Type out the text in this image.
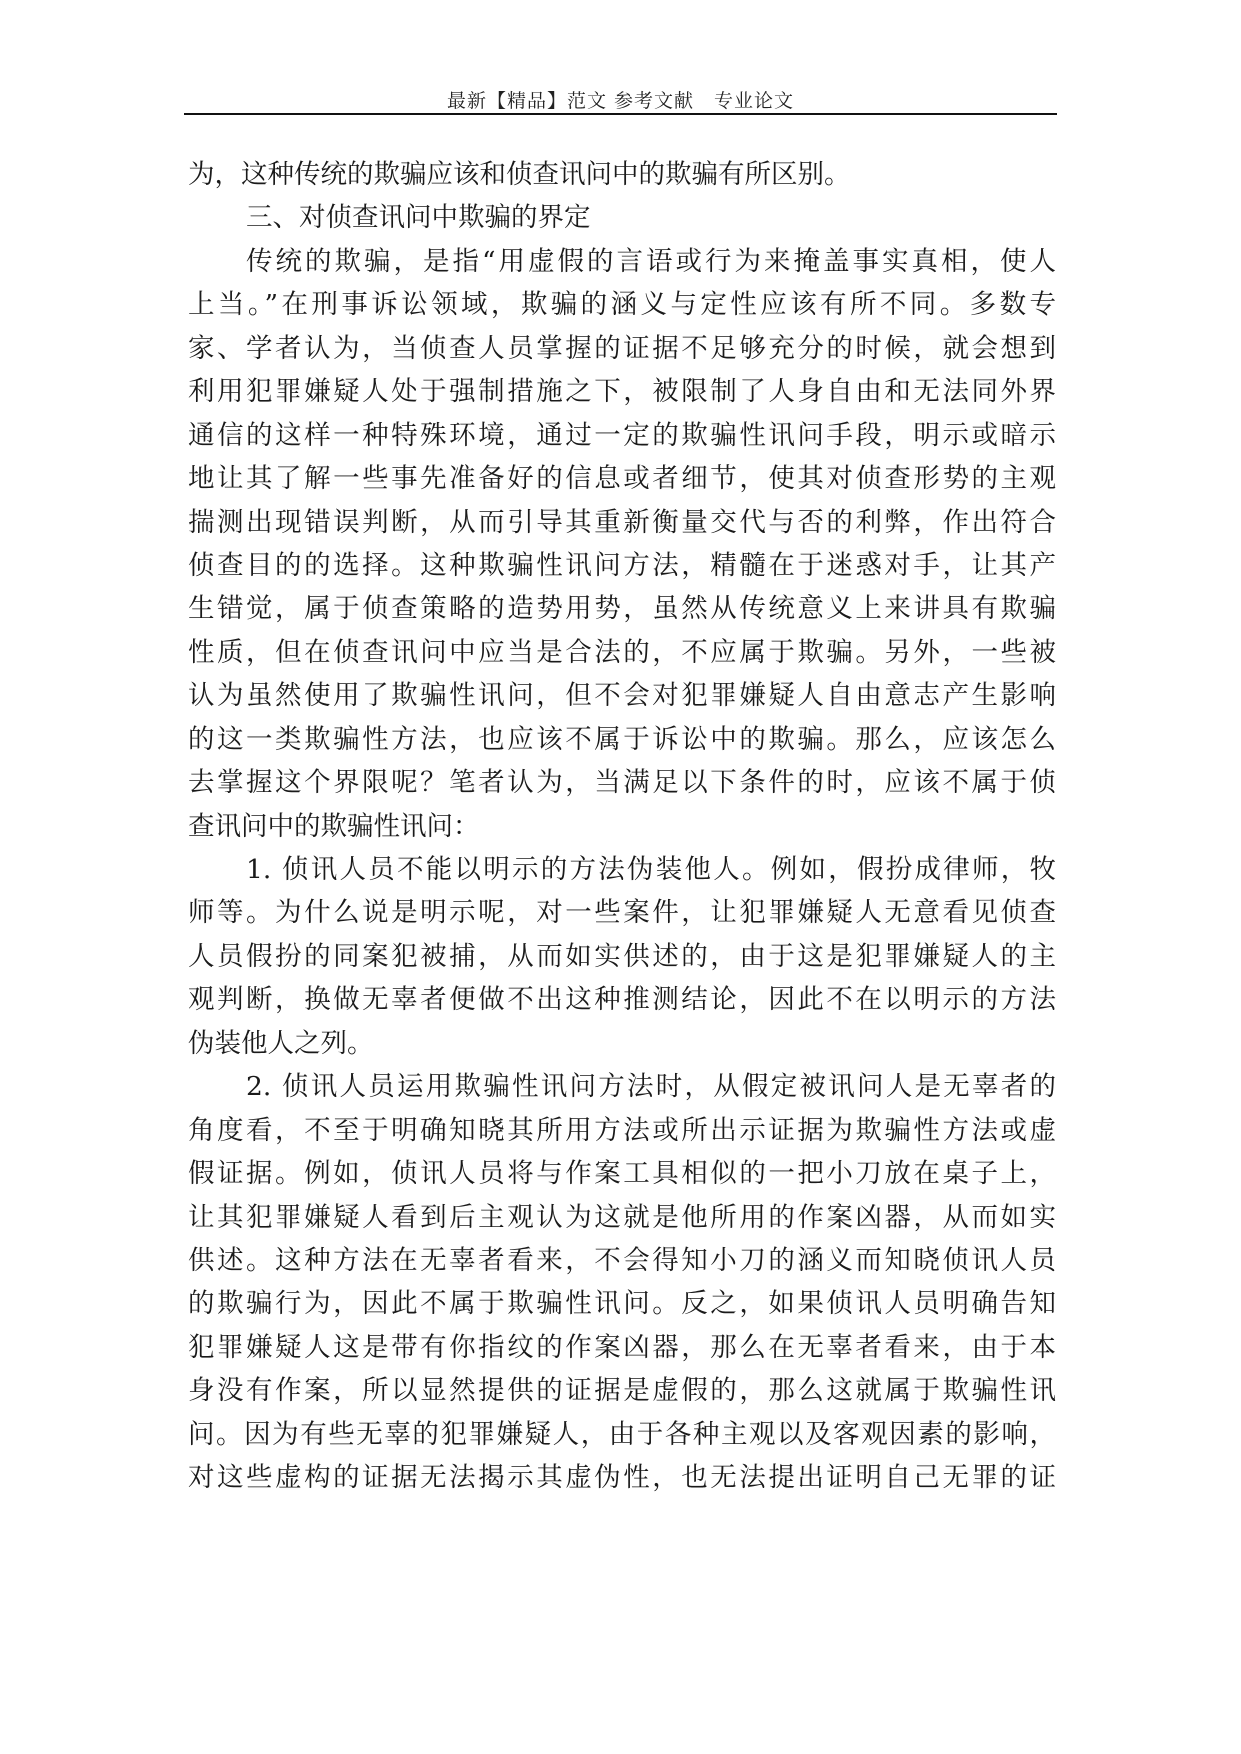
最新【精品】范文 参考文献　专业论文
为，这种传统的欺骗应该和侦查讯问中的欺骗有所区别。
三、对侦查讯问中欺骗的界定
传统的欺骗，是指“用虚假的言语或行为来掩盖事实真相，使人
上当。”在刑事诉讼领域，欺骗的涵义与定性应该有所不同。多数专
家、学者认为，当侦查人员掌握的证据不足够充分的时候，就会想到
利用犯罪嫌疑人处于强制措施之下，被限制了人身自由和无法同外界
通信的这样一种特殊环境，通过一定的欺骗性讯问手段，明示或暗示
地让其了解一些事先准备好的信息或者细节，使其对侦查形势的主观
揣测出现错误判断，从而引导其重新衡量交代与否的利弊，作出符合
侦查目的的选择。这种欺骗性讯问方法，精髓在于迷惑对手，让其产
生错觉，属于侦查策略的造势用势，虽然从传统意义上来讲具有欺骗
性质，但在侦查讯问中应当是合法的，不应属于欺骗。另外，一些被
认为虽然使用了欺骗性讯问，但不会对犯罪嫌疑人自由意志产生影响
的这一类欺骗性方法，也应该不属于诉讼中的欺骗。那么，应该怎么
去掌握这个界限呢？笔者认为，当满足以下条件的时，应该不属于侦
查讯问中的欺骗性讯问：
1. 侦讯人员不能以明示的方法伪装他人。例如，假扮成律师，牧
师等。为什么说是明示呢，对一些案件，让犯罪嫌疑人无意看见侦查
人员假扮的同案犯被捕，从而如实供述的，由于这是犯罪嫌疑人的主
观判断，换做无辜者便做不出这种推测结论，因此不在以明示的方法
伪装他人之列。
2. 侦讯人员运用欺骗性讯问方法时，从假定被讯问人是无辜者的
角度看，不至于明确知晓其所用方法或所出示证据为欺骗性方法或虚
假证据。例如，侦讯人员将与作案工具相似的一把小刀放在桌子上，
让其犯罪嫌疑人看到后主观认为这就是他所用的作案凶器，从而如实
供述。这种方法在无辜者看来，不会得知小刀的涵义而知晓侦讯人员
的欺骗行为，因此不属于欺骗性讯问。反之，如果侦讯人员明确告知
犯罪嫌疑人这是带有你指纹的作案凶器，那么在无辜者看来，由于本
身没有作案，所以显然提供的证据是虚假的，那么这就属于欺骗性讯
问。因为有些无辜的犯罪嫌疑人，由于各种主观以及客观因素的影响，
对这些虚构的证据无法揭示其虚伪性，也无法提出证明自己无罪的证
